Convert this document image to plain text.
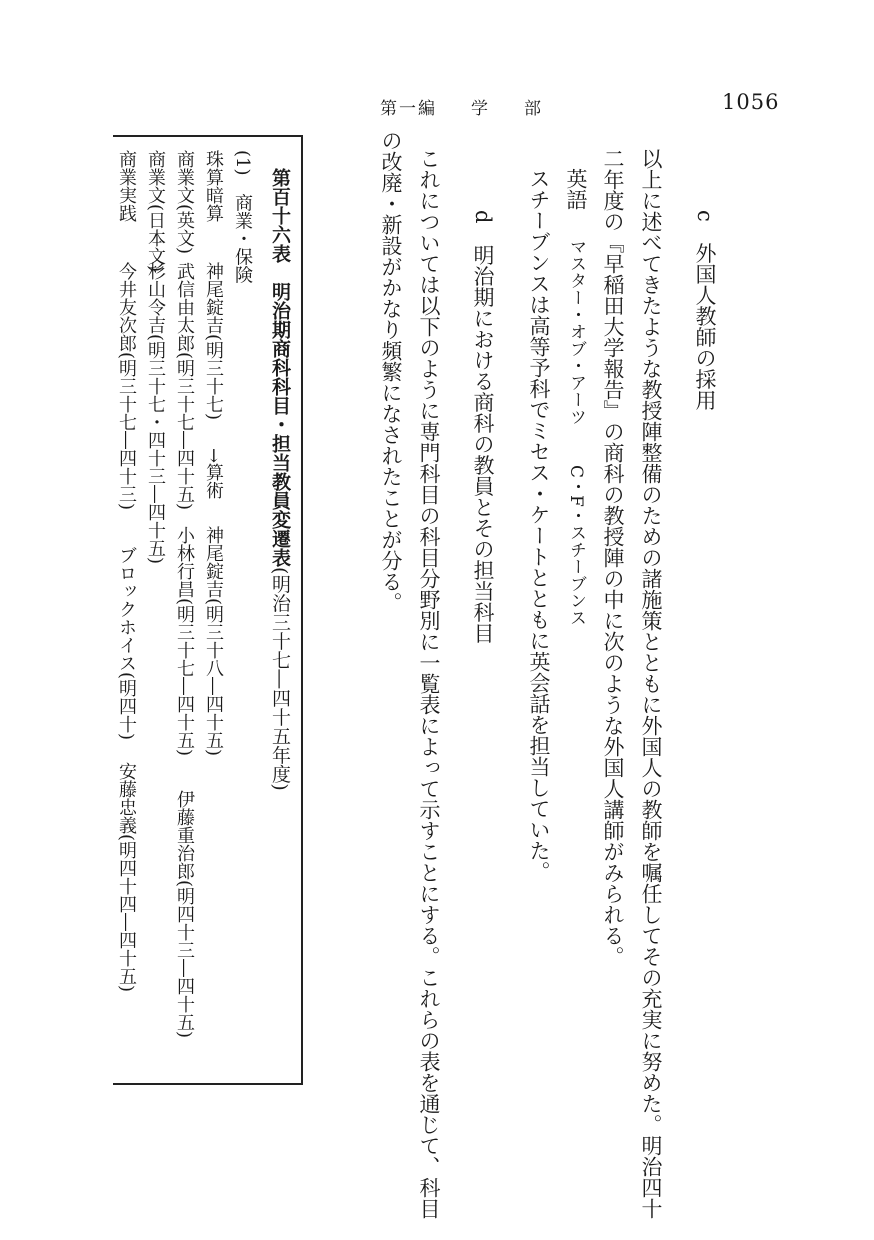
第一編 学 部	1056
c　外国人教師の採用
以上に述べてきたような教授陣整備のための諸施策とともに外国人の教師を嘱任してその充実に努めた。明治四十
二年度の『早稲田大学報告』の商科の教授陣の中に次のような外国人講師がみられる。
英語マスター・オブ・アーツC・F・スチーブンス
スチーブンスは高等予科でミセス・ケートとともに英会話を担当していた。
d　明治期における商科の教員とその担当科目
これについては以下のように専門科目の科目分野別に一覧表によって示すことにする。これらの表を通じて、科目
の改廃・新設がかなり頻繁になされたことが分る。
第百十六表　明治期商科科目・担当教員変遷表(明治三十七―四十五年度)
(1)　商業・保険
珠算暗算
神尾錠吉(明三十七)
→算術
神尾錠吉(明三十八―四十五)
商業文(英文)
武信由太郎(明三十七―四十五)
小林行昌(明三十七―四十五)
伊藤重治郎(明四十三―四十五)
商業文(日本文)
杉山令吉(明三十七・四十三―四十五)
商業実践
今井友次郎(明三十七―四十三)
ブロックホイス(明四十)
安藤忠義(明四十四―四十五)
